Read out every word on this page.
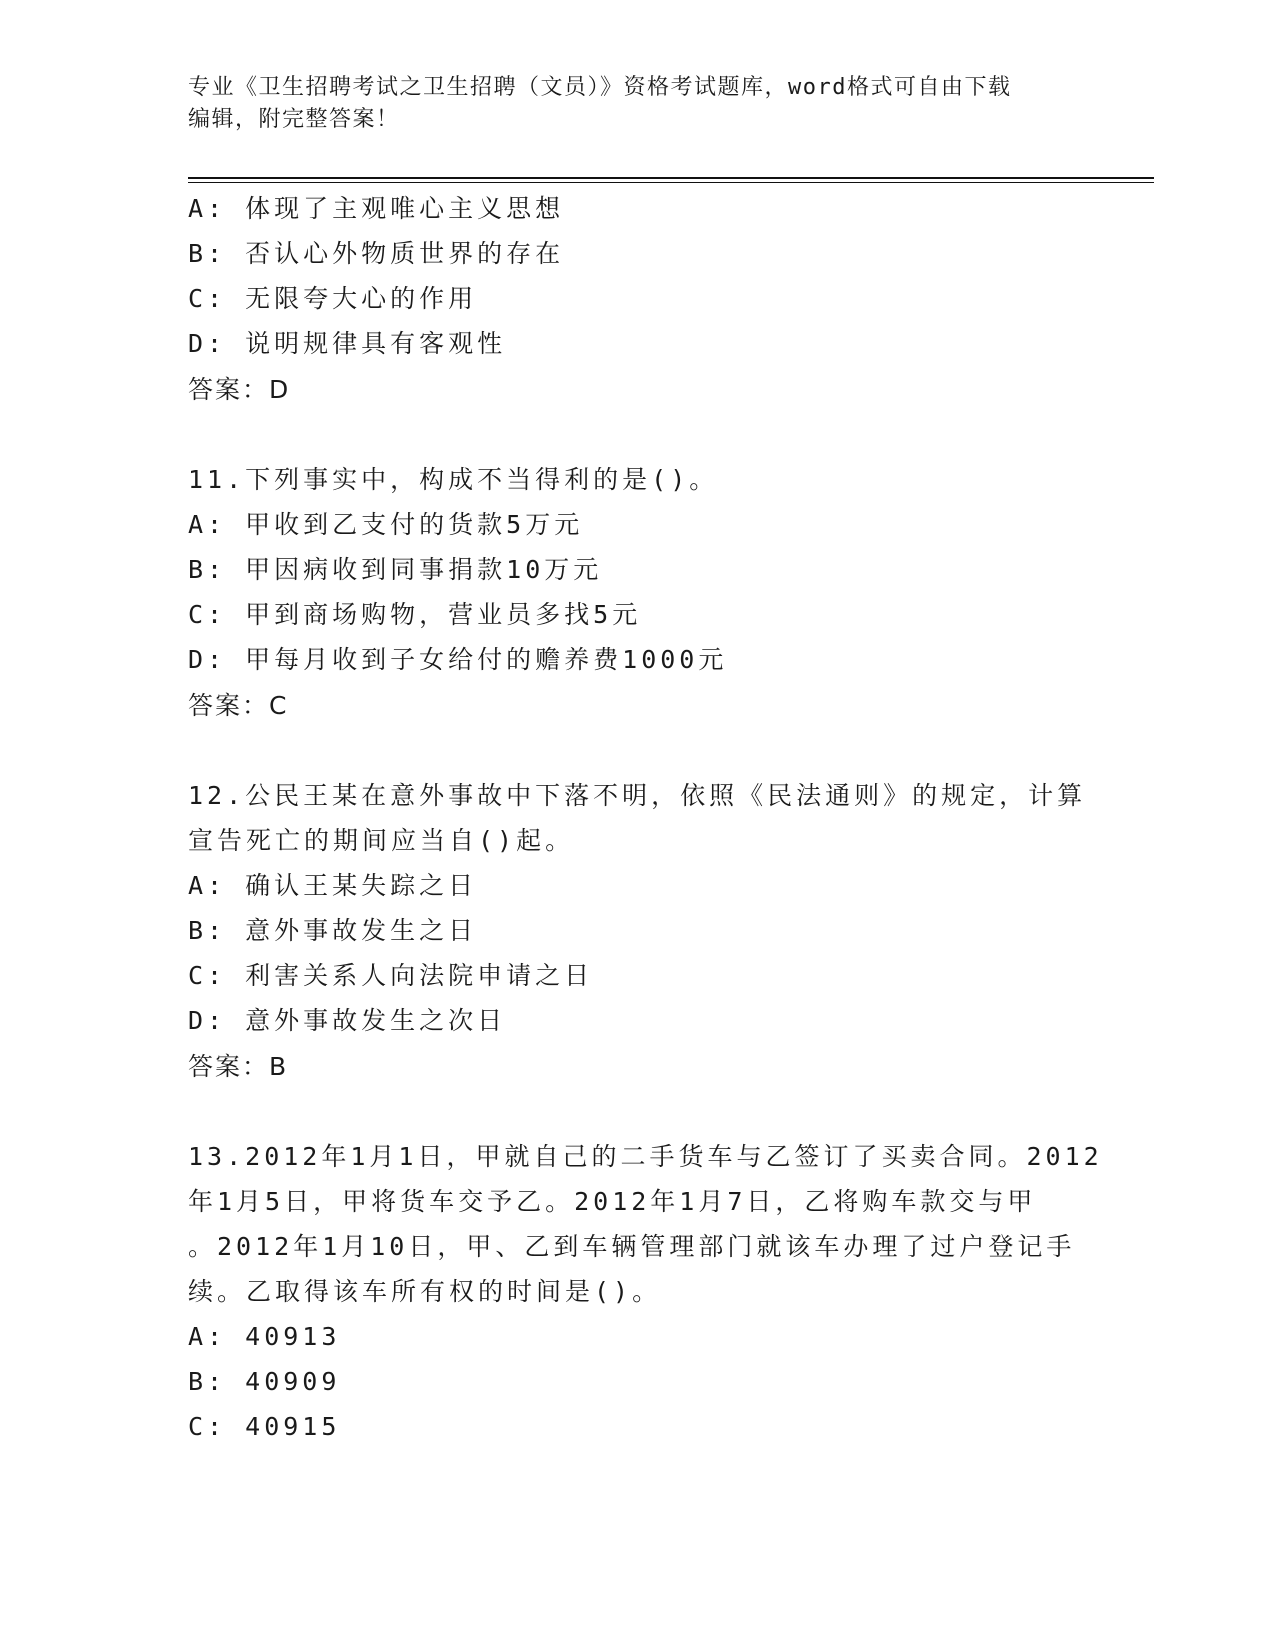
专业《卫生招聘考试之卫生招聘（文员）》资格考试题库，word格式可自由下载
编辑，附完整答案！
A: 体现了主观唯心主义思想
B: 否认心外物质世界的存在
C: 无限夸大心的作用
D: 说明规律具有客观性
答案：D
11.下列事实中，构成不当得利的是()。
A: 甲收到乙支付的货款5万元
B: 甲因病收到同事捐款10万元
C: 甲到商场购物，营业员多找5元
D: 甲每月收到子女给付的赡养费1000元
答案：C
12.公民王某在意外事故中下落不明，依照《民法通则》的规定，计算
宣告死亡的期间应当自()起。
A: 确认王某失踪之日
B: 意外事故发生之日
C: 利害关系人向法院申请之日
D: 意外事故发生之次日
答案：B
13.2012年1月1日，甲就自己的二手货车与乙签订了买卖合同。2012
年1月5日，甲将货车交予乙。2012年1月7日，乙将购车款交与甲
。2012年1月10日，甲、乙到车辆管理部门就该车办理了过户登记手
续。乙取得该车所有权的时间是()。
A: 40913
B: 40909
C: 40915
